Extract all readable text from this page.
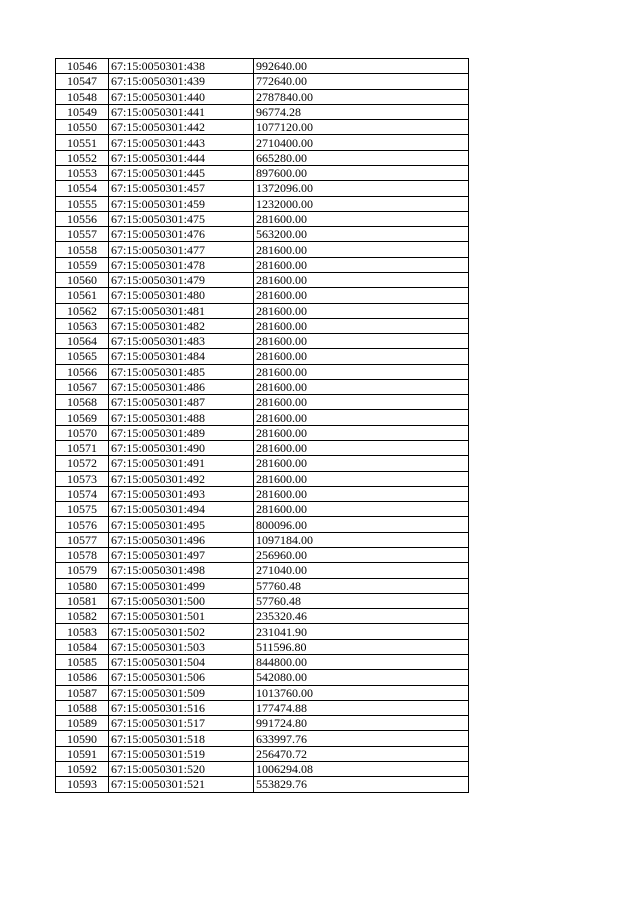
10546	67:15:0050301:438	992640.00
10547	67:15:0050301:439	772640.00
10548	67:15:0050301:440	2787840.00
10549	67:15:0050301:441	96774.28
10550	67:15:0050301:442	1077120.00
10551	67:15:0050301:443	2710400.00
10552	67:15:0050301:444	665280.00
10553	67:15:0050301:445	897600.00
10554	67:15:0050301:457	1372096.00
10555	67:15:0050301:459	1232000.00
10556	67:15:0050301:475	281600.00
10557	67:15:0050301:476	563200.00
10558	67:15:0050301:477	281600.00
10559	67:15:0050301:478	281600.00
10560	67:15:0050301:479	281600.00
10561	67:15:0050301:480	281600.00
10562	67:15:0050301:481	281600.00
10563	67:15:0050301:482	281600.00
10564	67:15:0050301:483	281600.00
10565	67:15:0050301:484	281600.00
10566	67:15:0050301:485	281600.00
10567	67:15:0050301:486	281600.00
10568	67:15:0050301:487	281600.00
10569	67:15:0050301:488	281600.00
10570	67:15:0050301:489	281600.00
10571	67:15:0050301:490	281600.00
10572	67:15:0050301:491	281600.00
10573	67:15:0050301:492	281600.00
10574	67:15:0050301:493	281600.00
10575	67:15:0050301:494	281600.00
10576	67:15:0050301:495	800096.00
10577	67:15:0050301:496	1097184.00
10578	67:15:0050301:497	256960.00
10579	67:15:0050301:498	271040.00
10580	67:15:0050301:499	57760.48
10581	67:15:0050301:500	57760.48
10582	67:15:0050301:501	235320.46
10583	67:15:0050301:502	231041.90
10584	67:15:0050301:503	511596.80
10585	67:15:0050301:504	844800.00
10586	67:15:0050301:506	542080.00
10587	67:15:0050301:509	1013760.00
10588	67:15:0050301:516	177474.88
10589	67:15:0050301:517	991724.80
10590	67:15:0050301:518	633997.76
10591	67:15:0050301:519	256470.72
10592	67:15:0050301:520	1006294.08
10593	67:15:0050301:521	553829.76
